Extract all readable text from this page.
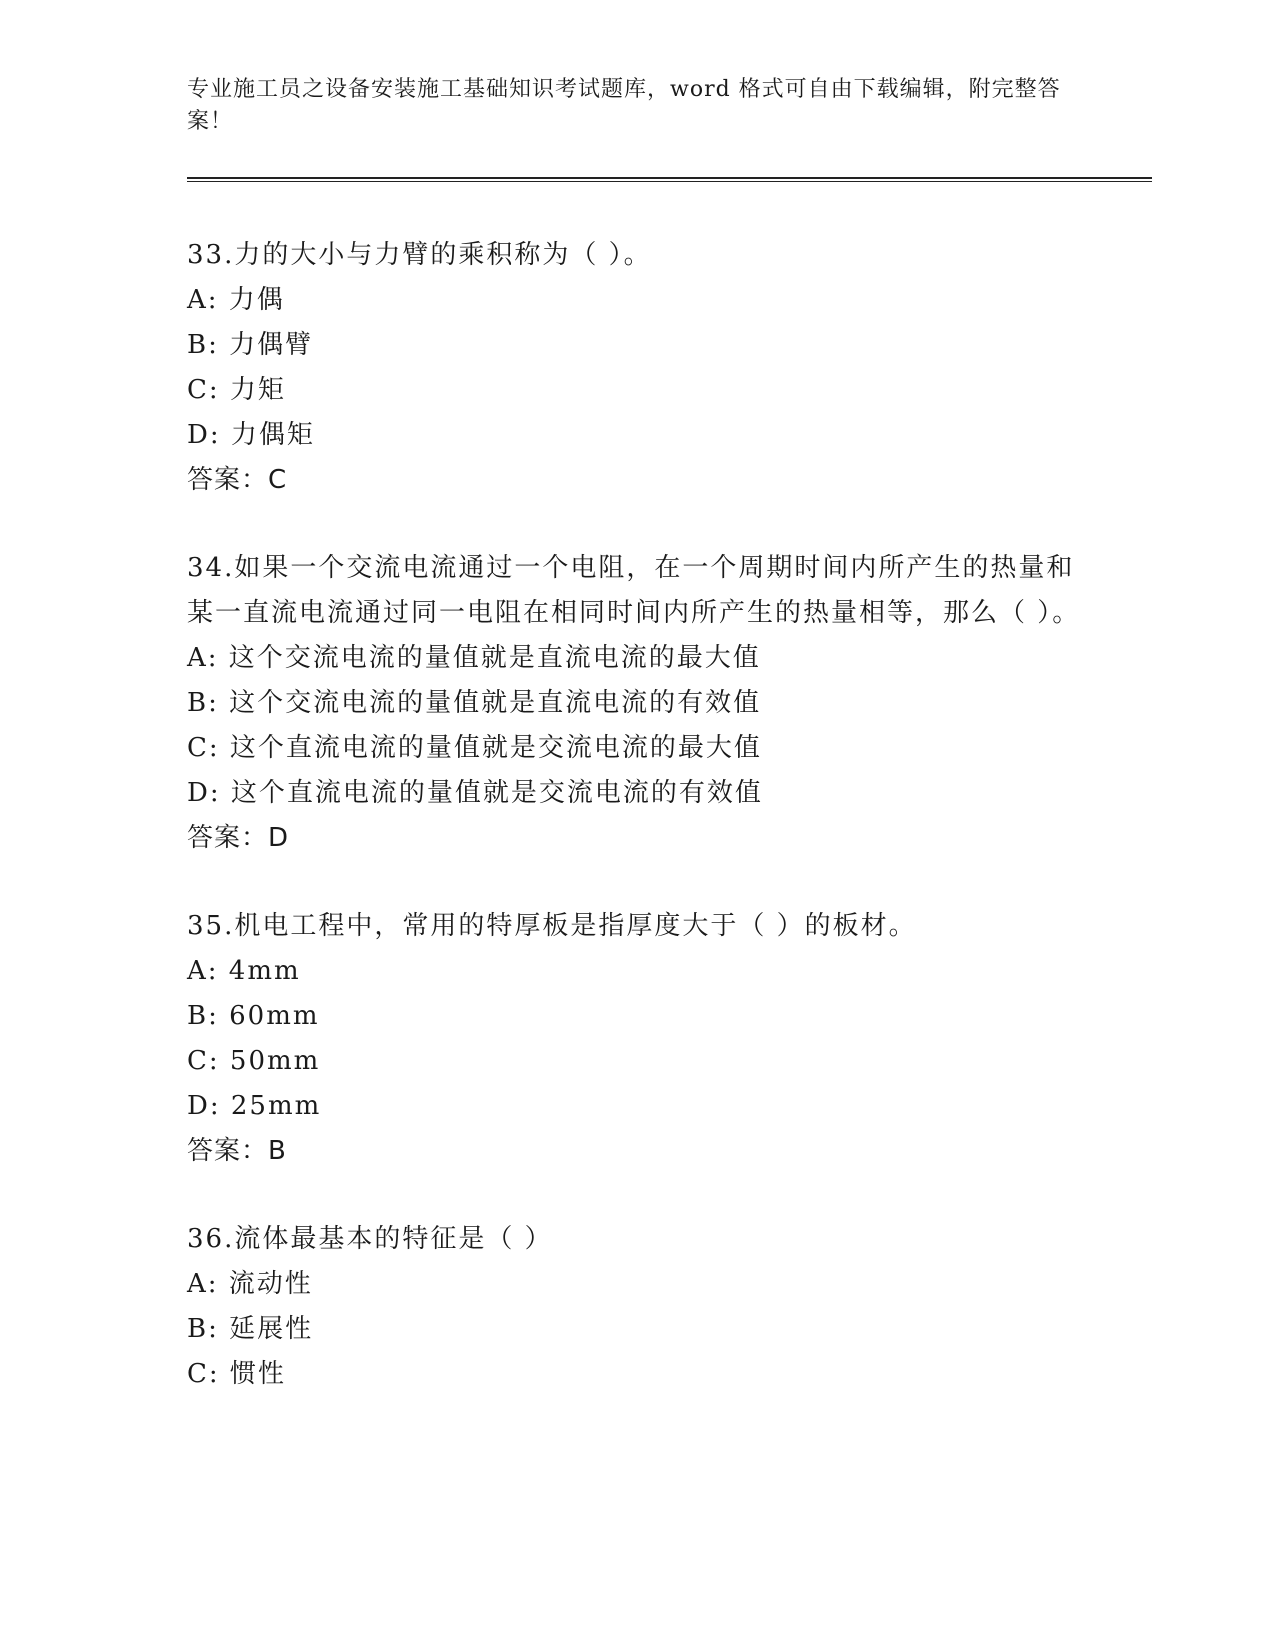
专业施工员之设备安装施工基础知识考试题库，word 格式可自由下载编辑，附完整答案！
33.力的大小与力臂的乘积称为（ ）。
A: 力偶
B: 力偶臂
C: 力矩
D: 力偶矩
答案：C
34.如果一个交流电流通过一个电阻，在一个周期时间内所产生的热量和某一直流电流通过同一电阻在相同时间内所产生的热量相等，那么（ ）。
A: 这个交流电流的量值就是直流电流的最大值
B: 这个交流电流的量值就是直流电流的有效值
C: 这个直流电流的量值就是交流电流的最大值
D: 这个直流电流的量值就是交流电流的有效值
答案：D
35.机电工程中，常用的特厚板是指厚度大于（ ）的板材。
A: 4mm
B: 60mm
C: 50mm
D: 25mm
答案：B
36.流体最基本的特征是（ ）
A: 流动性
B: 延展性
C: 惯性
